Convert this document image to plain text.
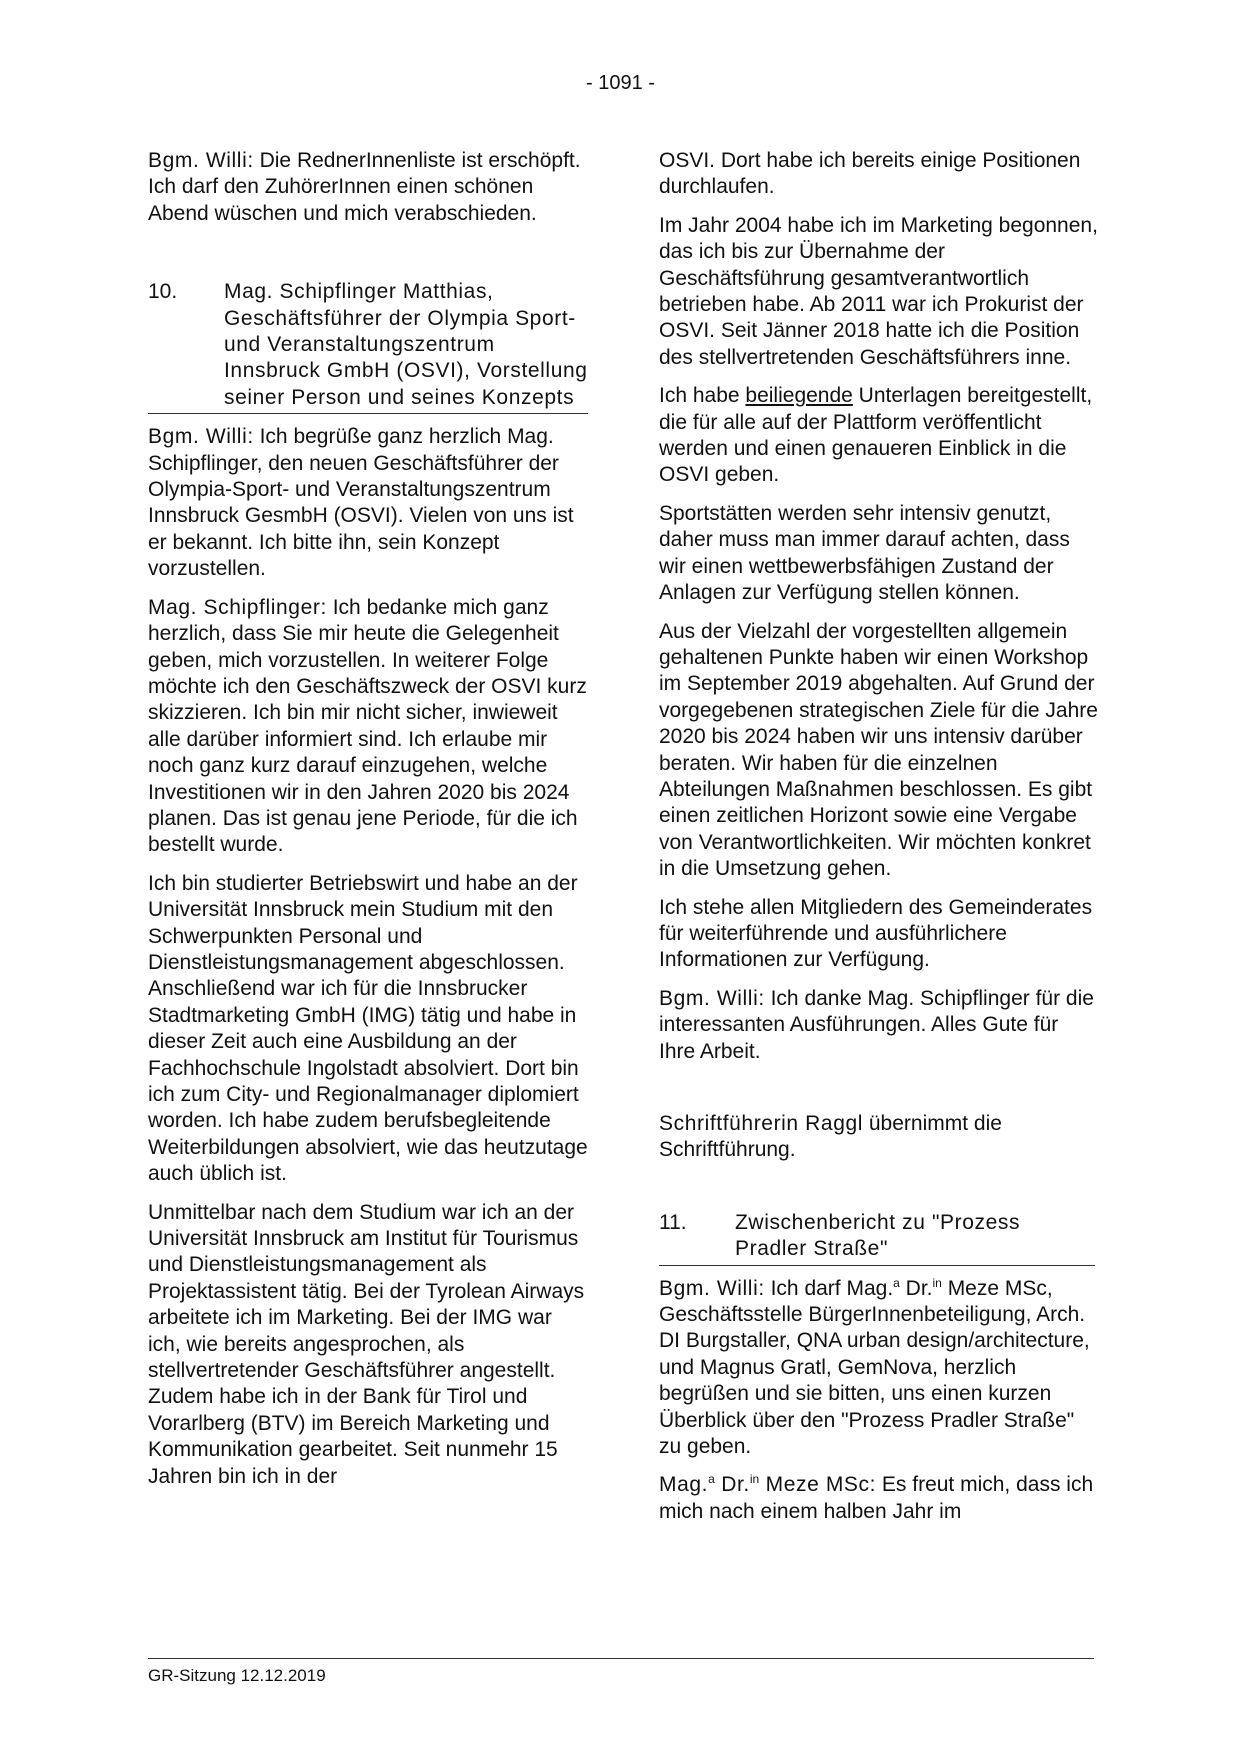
- 1091 -

Bgm. Willi: Die RednerInnenliste ist erschöpft. Ich darf den ZuhörerInnen einen schönen Abend wüschen und mich verabschieden.

10.	Mag. Schipflinger Matthias, Geschäftsführer der Olympia Sport- und Veranstaltungszentrum Innsbruck GmbH (OSVI), Vorstellung seiner Person und seines Konzepts

Bgm. Willi: Ich begrüße ganz herzlich Mag. Schipflinger, den neuen Geschäftsführer der Olympia-Sport- und Veranstaltungszentrum Innsbruck GesmbH (OSVI). Vielen von uns ist er bekannt. Ich bitte ihn, sein Konzept vorzustellen.

Mag. Schipflinger: Ich bedanke mich ganz herzlich, dass Sie mir heute die Gelegenheit geben, mich vorzustellen. In weiterer Folge möchte ich den Geschäftszweck der OSVI kurz skizzieren. Ich bin mir nicht sicher, inwieweit alle darüber informiert sind. Ich erlaube mir noch ganz kurz darauf einzugehen, welche Investitionen wir in den Jahren 2020 bis 2024 planen. Das ist genau jene Periode, für die ich bestellt wurde.

Ich bin studierter Betriebswirt und habe an der Universität Innsbruck mein Studium mit den Schwerpunkten Personal und Dienstleistungsmanagement abgeschlossen. Anschließend war ich für die Innsbrucker Stadtmarketing GmbH (IMG) tätig und habe in dieser Zeit auch eine Ausbildung an der Fachhochschule Ingolstadt absolviert. Dort bin ich zum City- und Regionalmanager diplomiert worden. Ich habe zudem berufsbegleitende Weiterbildungen absolviert, wie das heutzutage auch üblich ist.

Unmittelbar nach dem Studium war ich an der Universität Innsbruck am Institut für Tourismus und Dienstleistungsmanagement als Projektassistent tätig. Bei der Tyrolean Airways arbeitete ich im Marketing. Bei der IMG war ich, wie bereits angesprochen, als stellvertretender Geschäftsführer angestellt. Zudem habe ich in der Bank für Tirol und Vorarlberg (BTV) im Bereich Marketing und Kommunikation gearbeitet. Seit nunmehr 15 Jahren bin ich in der

OSVI. Dort habe ich bereits einige Positionen durchlaufen.

Im Jahr 2004 habe ich im Marketing begonnen, das ich bis zur Übernahme der Geschäftsführung gesamtverantwortlich betrieben habe. Ab 2011 war ich Prokurist der OSVI. Seit Jänner 2018 hatte ich die Position des stellvertretenden Geschäftsführers inne.

Ich habe beiliegende Unterlagen bereitgestellt, die für alle auf der Plattform veröffentlicht werden und einen genaueren Einblick in die OSVI geben.

Sportstätten werden sehr intensiv genutzt, daher muss man immer darauf achten, dass wir einen wettbewerbsfähigen Zustand der Anlagen zur Verfügung stellen können.

Aus der Vielzahl der vorgestellten allgemein gehaltenen Punkte haben wir einen Workshop im September 2019 abgehalten. Auf Grund der vorgegebenen strategischen Ziele für die Jahre 2020 bis 2024 haben wir uns intensiv darüber beraten. Wir haben für die einzelnen Abteilungen Maßnahmen beschlossen. Es gibt einen zeitlichen Horizont sowie eine Vergabe von Verantwortlichkeiten. Wir möchten konkret in die Umsetzung gehen.

Ich stehe allen Mitgliedern des Gemeinderates für weiterführende und ausführlichere Informationen zur Verfügung.

Bgm. Willi: Ich danke Mag. Schipflinger für die interessanten Ausführungen. Alles Gute für Ihre Arbeit.

Schriftführerin Raggl übernimmt die Schriftführung.

11.	Zwischenbericht zu "Prozess Pradler Straße"

Bgm. Willi: Ich darf Mag.$^a$ Dr.$^{in}$ Meze MSc, Geschäftsstelle BürgerInnenbeteiligung, Arch. DI Burgstaller, QNA urban design/architecture, und Magnus Gratl, GemNova, herzlich begrüßen und sie bitten, uns einen kurzen Überblick über den "Prozess Pradler Straße" zu geben.

Mag.$^a$ Dr.$^{in}$ Meze MSc: Es freut mich, dass ich mich nach einem halben Jahr im

GR-Sitzung 12.12.2019
